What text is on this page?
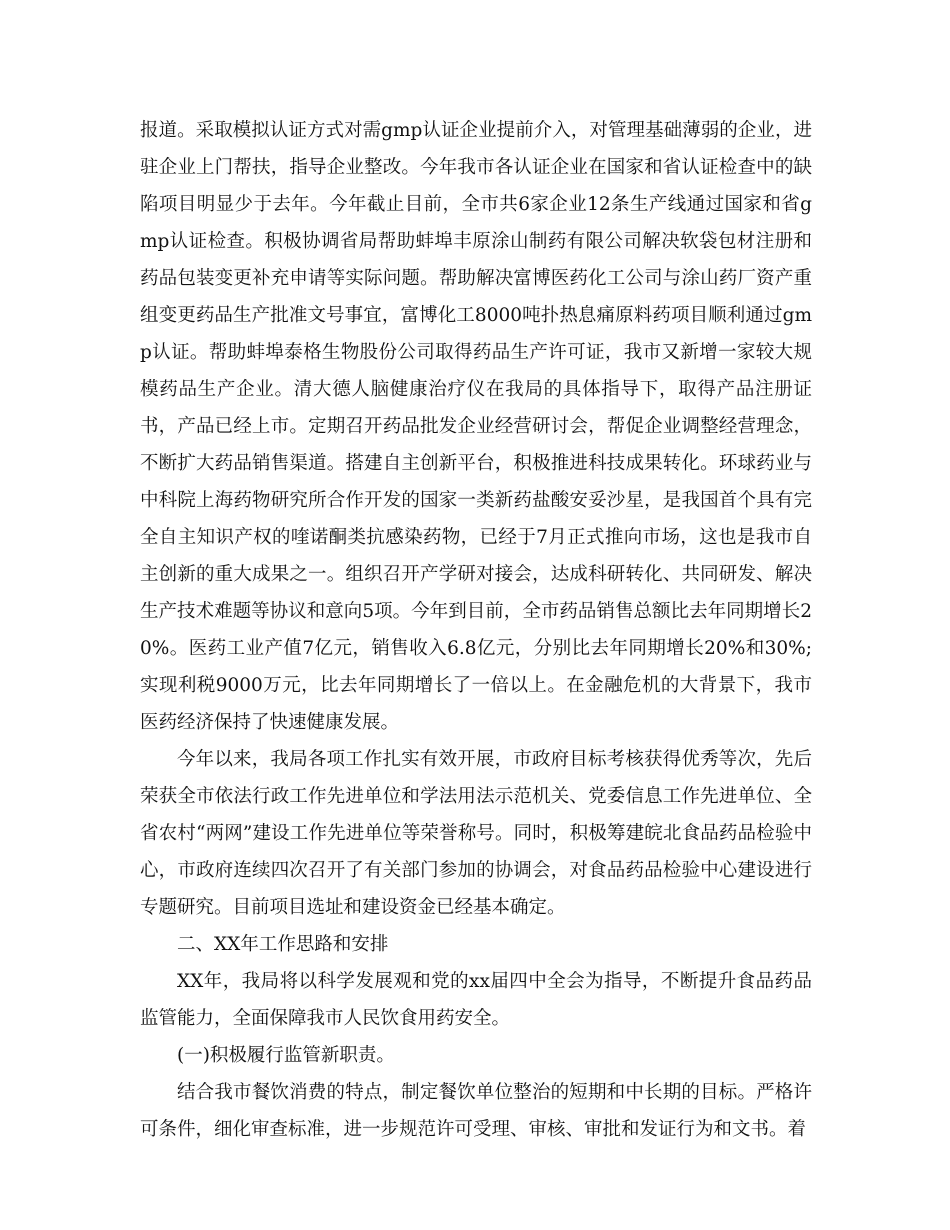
报道。采取模拟认证方式对需gmp认证企业提前介入，对管理基础薄弱的企业，进驻企业上门帮扶，指导企业整改。今年我市各认证企业在国家和省认证检查中的缺陷项目明显少于去年。今年截止目前，全市共6家企业12条生产线通过国家和省gmp认证检查。积极协调省局帮助蚌埠丰原涂山制药有限公司解决软袋包材注册和药品包装变更补充申请等实际问题。帮助解决富博医药化工公司与涂山药厂资产重组变更药品生产批准文号事宜，富博化工8000吨扑热息痛原料药项目顺利通过gmp认证。帮助蚌埠泰格生物股份公司取得药品生产许可证，我市又新增一家较大规模药品生产企业。清大德人脑健康治疗仪在我局的具体指导下，取得产品注册证书，产品已经上市。定期召开药品批发企业经营研讨会，帮促企业调整经营理念，不断扩大药品销售渠道。搭建自主创新平台，积极推进科技成果转化。环球药业与中科院上海药物研究所合作开发的国家一类新药盐酸安妥沙星，是我国首个具有完全自主知识产权的喹诺酮类抗感染药物，已经于7月正式推向市场，这也是我市自主创新的重大成果之一。组织召开产学研对接会，达成科研转化、共同研发、解决生产技术难题等协议和意向5项。今年到目前，全市药品销售总额比去年同期增长20%。医药工业产值7亿元，销售收入6.8亿元，分别比去年同期增长20%和30%;实现利税9000万元，比去年同期增长了一倍以上。在金融危机的大背景下，我市医药经济保持了快速健康发展。

今年以来，我局各项工作扎实有效开展，市政府目标考核获得优秀等次，先后荣获全市依法行政工作先进单位和学法用法示范机关、党委信息工作先进单位、全省农村“两网”建设工作先进单位等荣誉称号。同时，积极筹建皖北食品药品检验中心，市政府连续四次召开了有关部门参加的协调会，对食品药品检验中心建设进行专题研究。目前项目选址和建设资金已经基本确定。

二、XX年工作思路和安排

XX年，我局将以科学发展观和党的xx届四中全会为指导，不断提升食品药品监管能力，全面保障我市人民饮食用药安全。

(一)积极履行监管新职责。

结合我市餐饮消费的特点，制定餐饮单位整治的短期和中长期的目标。严格许可条件，细化审查标准，进一步规范许可受理、审核、审批和发证行为和文书。着
